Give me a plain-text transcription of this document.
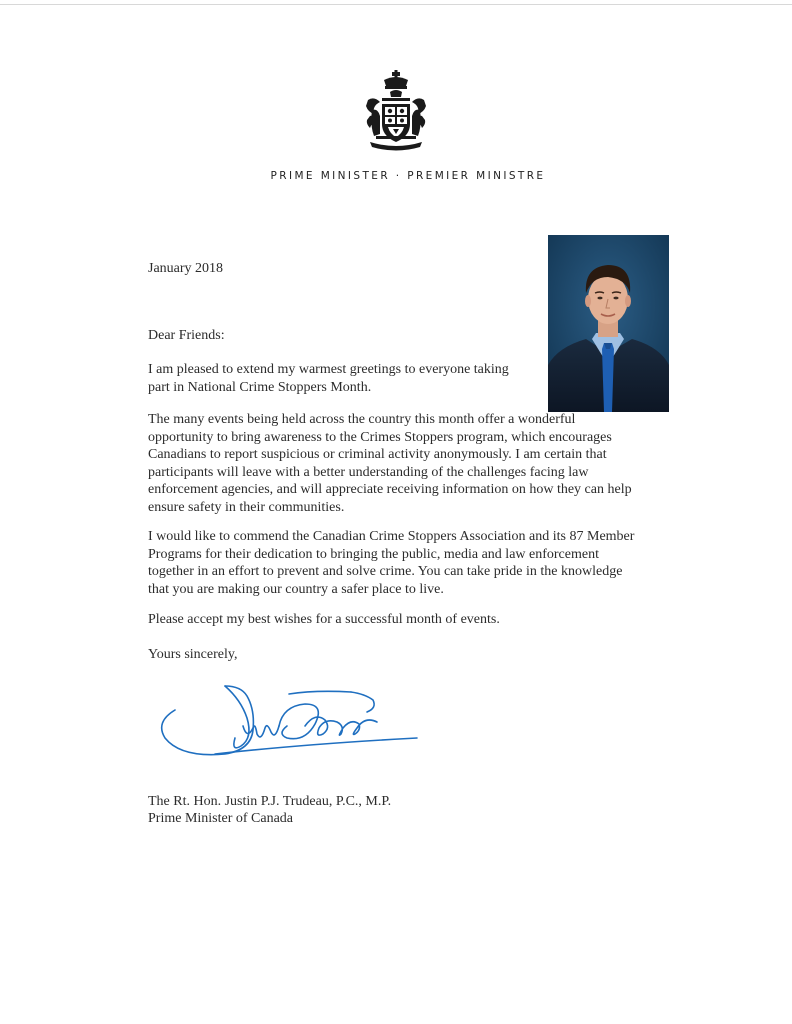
PRIME MINISTER · PREMIER MINISTRE
January 2018
Dear Friends:
I am pleased to extend my warmest greetings to everyone taking part in National Crime Stoppers Month.
The many events being held across the country this month offer a wonderful opportunity to bring awareness to the Crimes Stoppers program, which encourages Canadians to report suspicious or criminal activity anonymously. I am certain that participants will leave with a better understanding of the challenges facing law enforcement agencies, and will appreciate receiving information on how they can help ensure safety in their communities.
I would like to commend the Canadian Crime Stoppers Association and its 87 Member Programs for their dedication to bringing the public, media and law enforcement together in an effort to prevent and solve crime. You can take pride in the knowledge that you are making our country a safer place to live.
Please accept my best wishes for a successful month of events.
Yours sincerely,
The Rt. Hon. Justin P.J. Trudeau, P.C., M.P.
Prime Minister of Canada
